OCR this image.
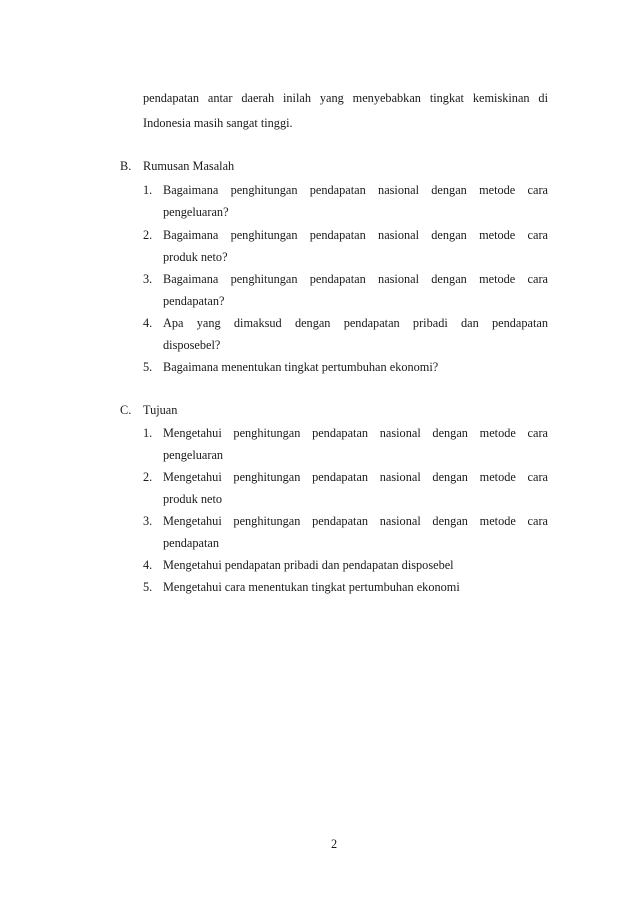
pendapatan antar daerah inilah yang menyebabkan tingkat kemiskinan di
Indonesia masih sangat tinggi.
B. Rumusan Masalah
1. Bagaimana penghitungan pendapatan nasional dengan metode cara
pengeluaran?
2. Bagaimana penghitungan pendapatan nasional dengan metode cara
produk neto?
3. Bagaimana penghitungan pendapatan nasional dengan metode cara
pendapatan?
4. Apa yang dimaksud dengan pendapatan pribadi dan pendapatan
disposebel?
5. Bagaimana menentukan tingkat pertumbuhan ekonomi?
C. Tujuan
1. Mengetahui penghitungan pendapatan nasional dengan metode cara
pengeluaran
2. Mengetahui penghitungan pendapatan nasional dengan metode cara
produk neto
3. Mengetahui penghitungan pendapatan nasional dengan metode cara
pendapatan
4. Mengetahui pendapatan pribadi dan pendapatan disposebel
5. Mengetahui cara menentukan tingkat pertumbuhan ekonomi
2
